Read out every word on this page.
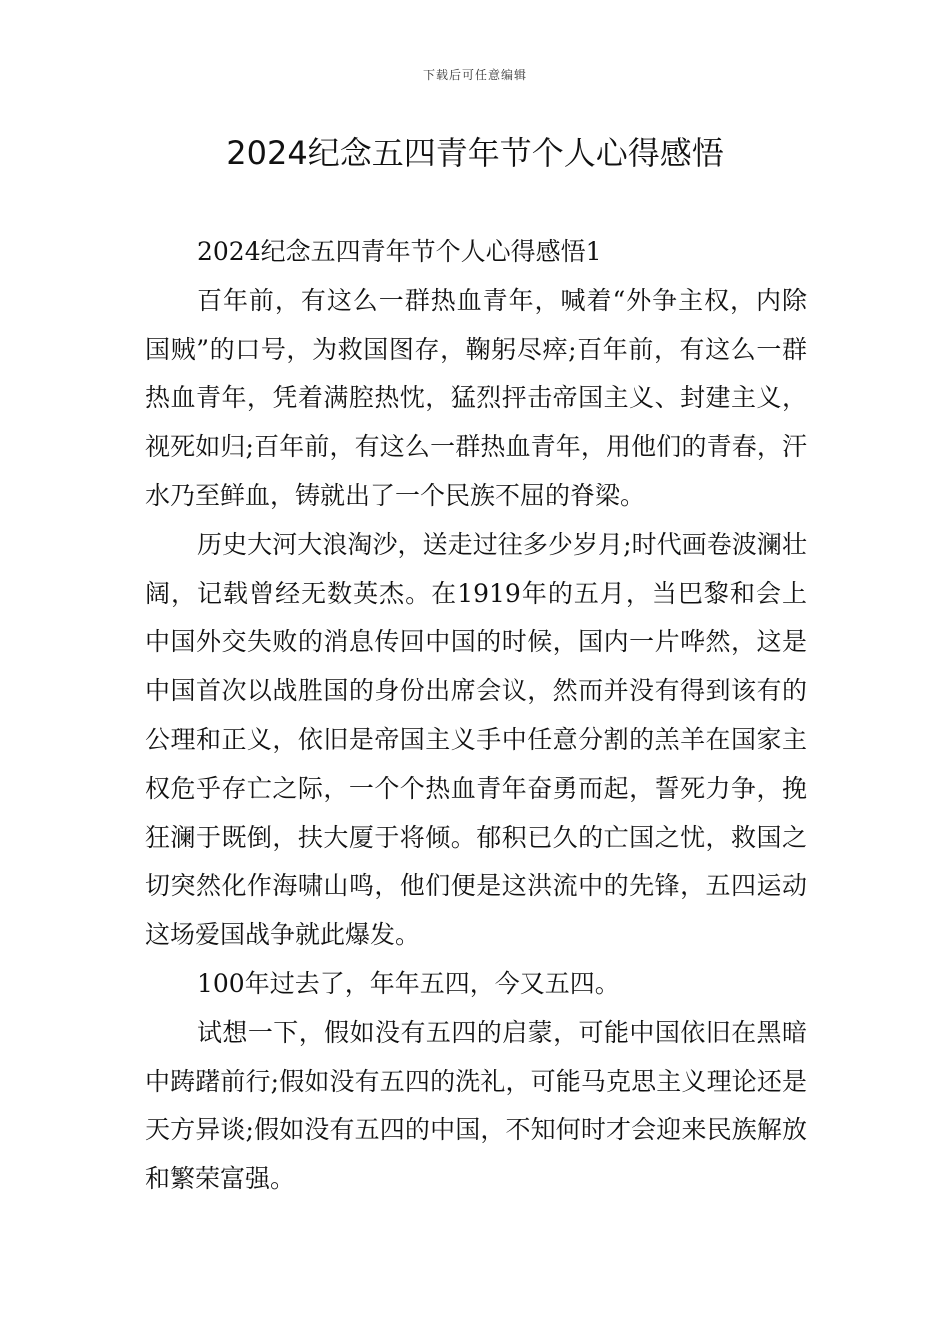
下载后可任意编辑
2024纪念五四青年节个人心得感悟

2024纪念五四青年节个人心得感悟1

百年前，有这么一群热血青年，喊着“外争主权，内除国贼”的口号，为救国图存，鞠躬尽瘁;百年前，有这么一群热血青年，凭着满腔热忱，猛烈抨击帝国主义、封建主义，视死如归;百年前，有这么一群热血青年，用他们的青春，汗水乃至鲜血，铸就出了一个民族不屈的脊梁。

历史大河大浪淘沙，送走过往多少岁月;时代画卷波澜壮阔，记载曾经无数英杰。在1919年的五月，当巴黎和会上中国外交失败的消息传回中国的时候，国内一片哗然，这是中国首次以战胜国的身份出席会议，然而并没有得到该有的公理和正义，依旧是帝国主义手中任意分割的羔羊在国家主权危乎存亡之际，一个个热血青年奋勇而起，誓死力争，挽狂澜于既倒，扶大厦于将倾。郁积已久的亡国之忧，救国之切突然化作海啸山鸣，他们便是这洪流中的先锋，五四运动这场爱国战争就此爆发。

100年过去了，年年五四，今又五四。

试想一下，假如没有五四的启蒙，可能中国依旧在黑暗中踌躇前行;假如没有五四的洗礼，可能马克思主义理论还是天方异谈;假如没有五四的中国，不知何时才会迎来民族解放和繁荣富强。
